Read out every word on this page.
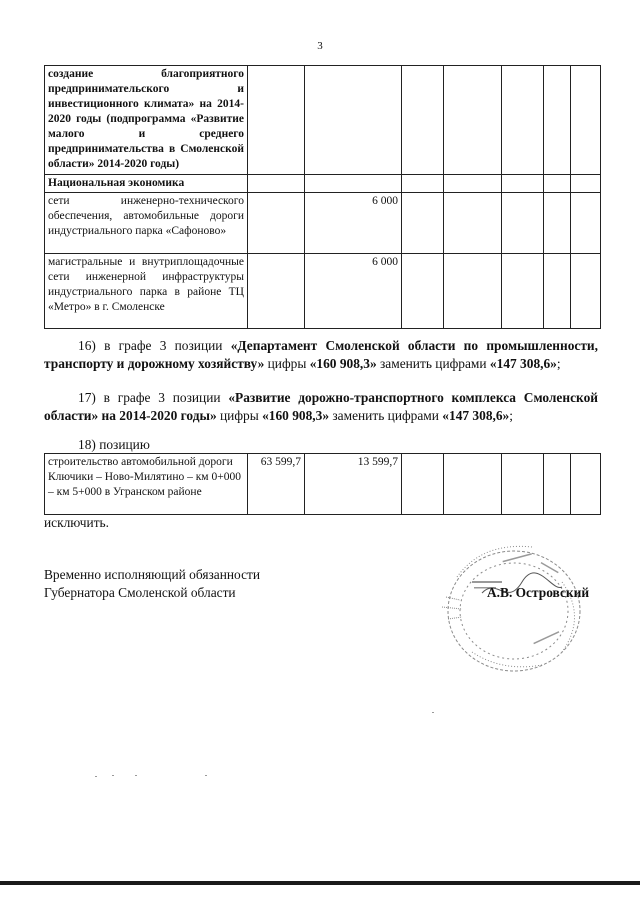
3
создание благоприятного предпринимательского и инвестиционного климата» на 2014-2020 годы (подпрограмма «Развитие малого и среднего предпринимательства в Смоленской области» 2014-2020 годы)							
Национальная экономика							
сети инженерно-технического обеспечения, автомобильные дороги индустриального парка «Сафоново»		6 000					
магистральные и внутриплощадочные сети инженерной инфраструктуры индустриального парка в районе ТЦ «Метро» в г. Смоленске		6 000					
16) в графе 3 позиции «Департамент Смоленской области по промышленности, транспорту и дорожному хозяйству» цифры «160 908,3» заменить цифрами «147 308,6»;
17) в графе 3 позиции «Развитие дорожно-транспортного комплекса Смоленской области» на 2014-2020 годы» цифры «160 908,3» заменить цифрами «147 308,6»;
18) позицию
строительство автомобильной дороги Ключики – Ново-Милятино – км 0+000 – км 5+000 в Угранском районе	63 599,7	13 599,7					
исключить.
Временно исполняющий обязанности
Губернатора Смоленской области	А.В. Островский
